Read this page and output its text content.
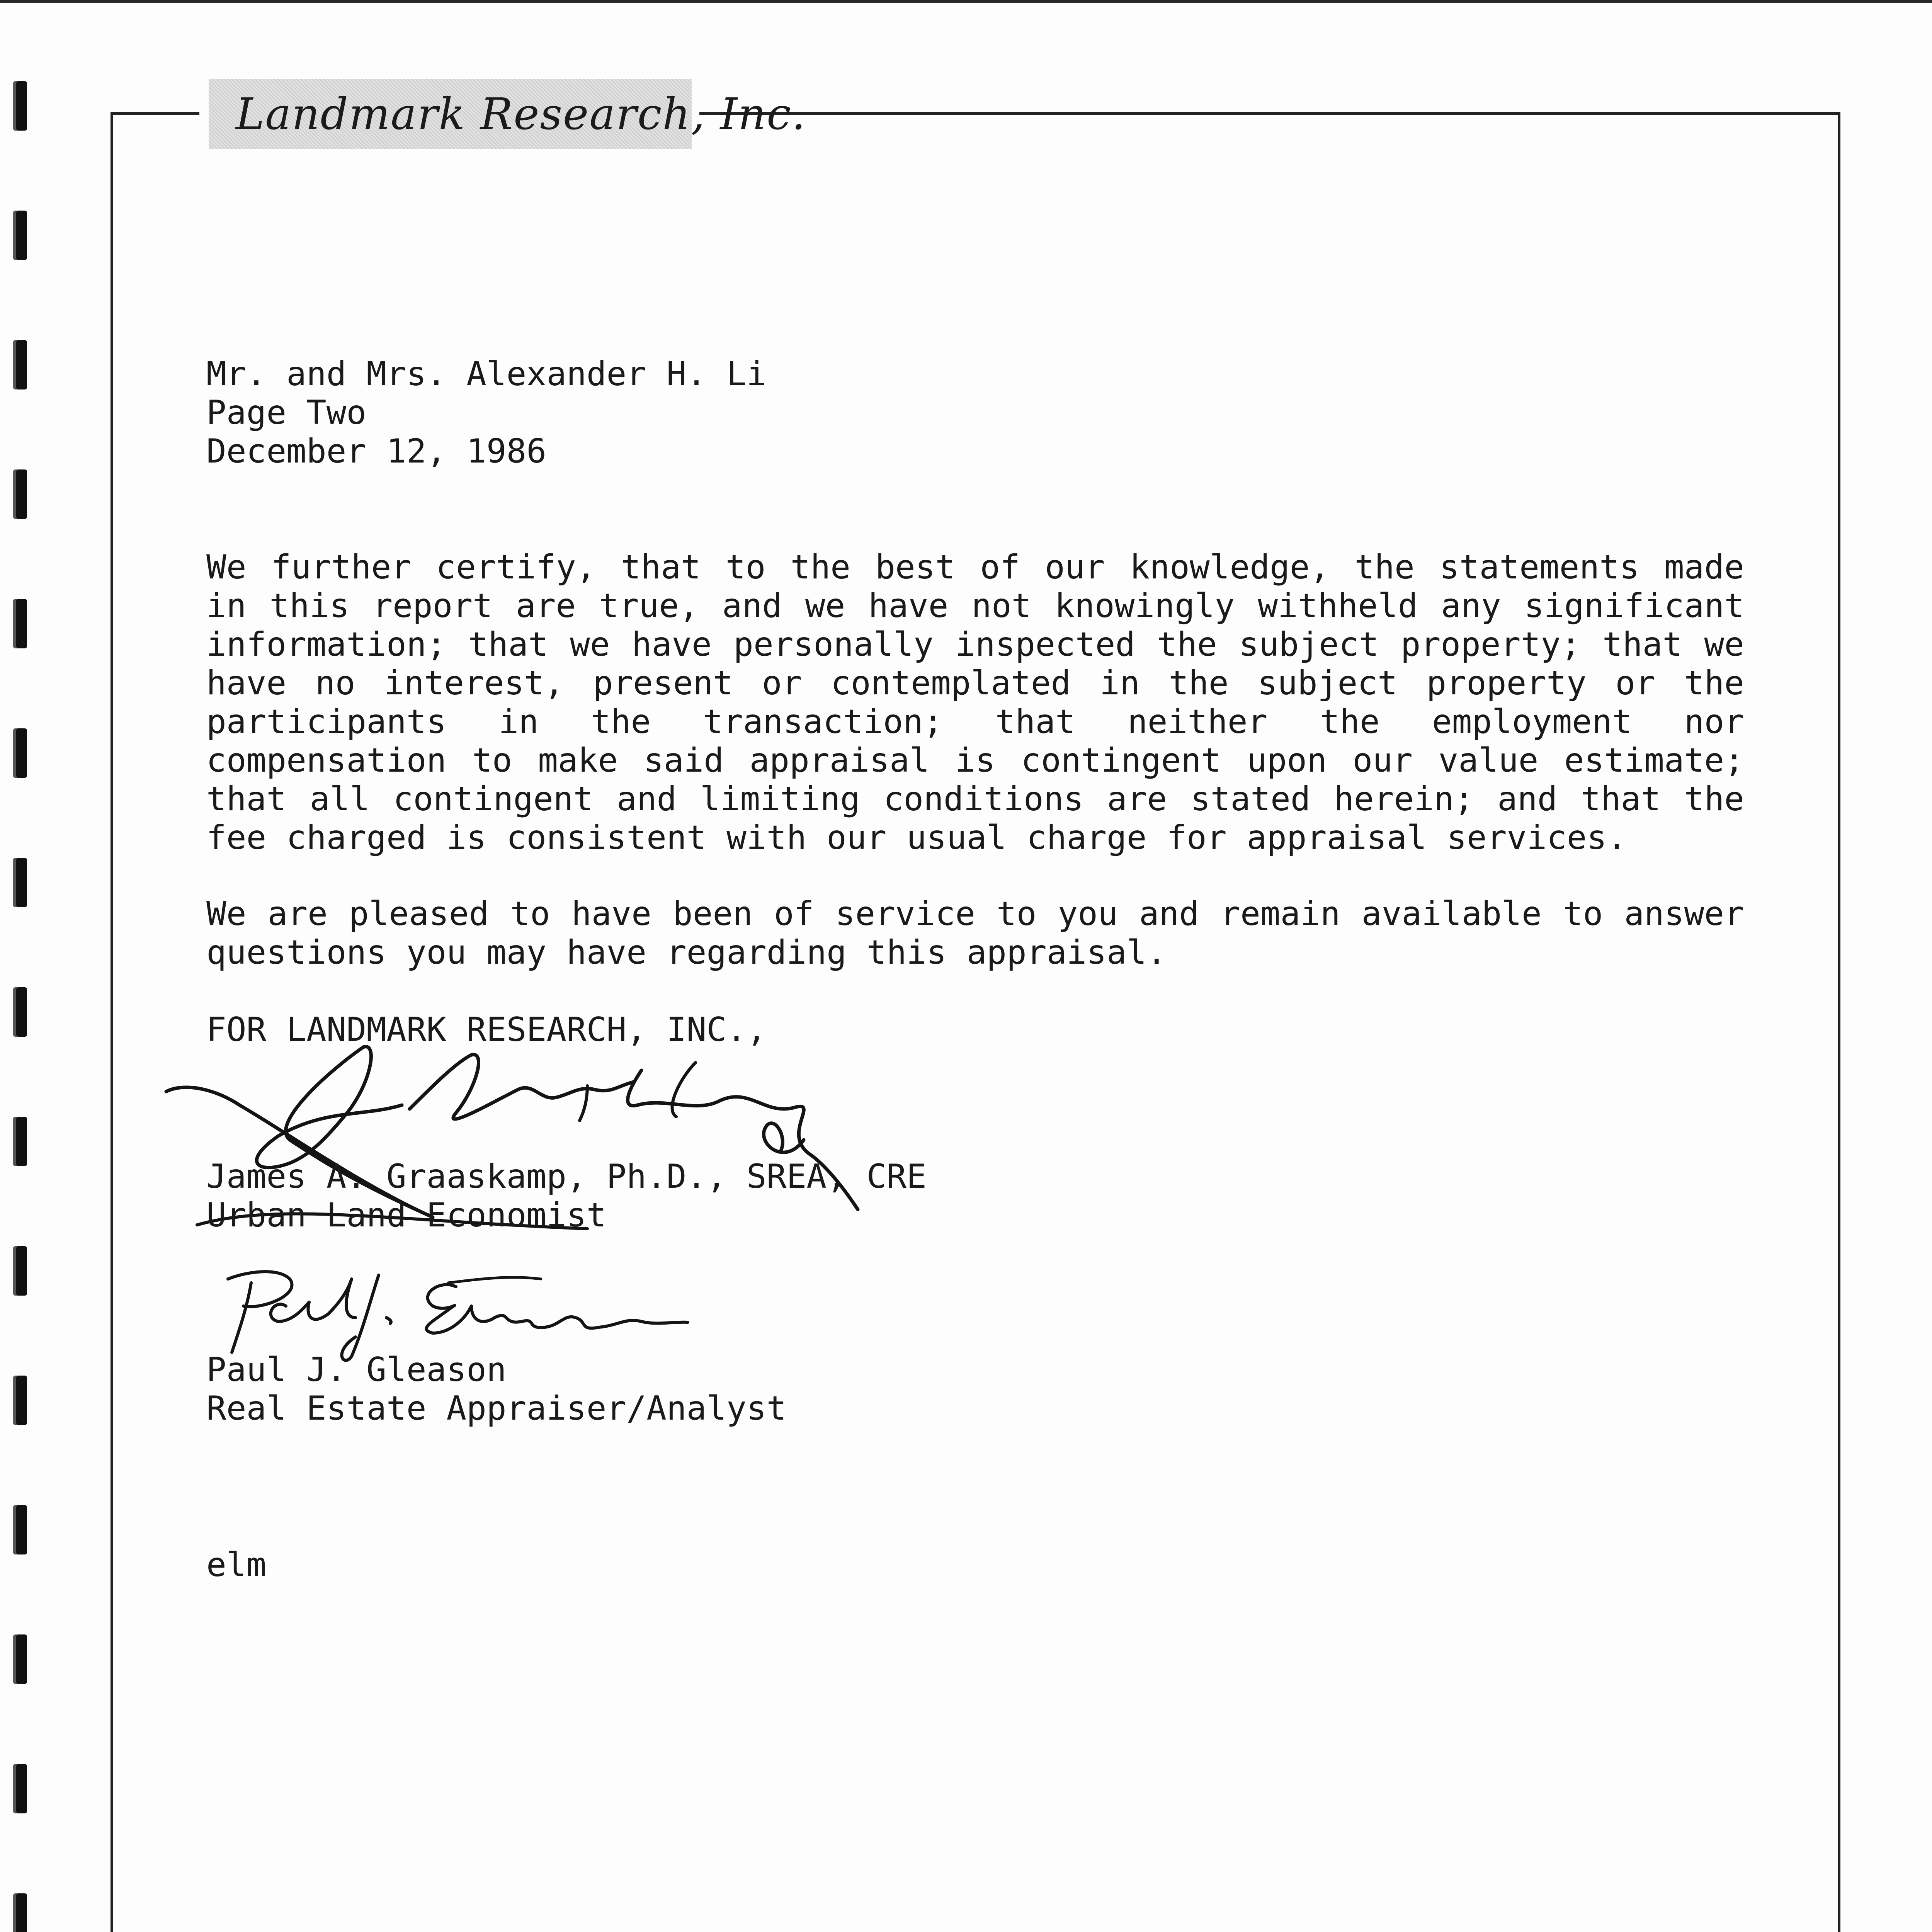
Landmark Research, Inc.
Mr. and Mrs. Alexander H. Li
Page Two
December 12, 1986
We further certify, that to the best of our knowledge, the statements made in this report are true, and we have not knowingly withheld any significant information; that we have personally inspected the subject property; that we have no interest, present or contemplated in the subject property or the participants in the transaction; that neither the employment nor compensation to make said appraisal is contingent upon our value estimate; that all contingent and limiting conditions are stated herein; and that the fee charged is consistent with our usual charge for appraisal services.
We are pleased to have been of service to you and remain available to answer questions you may have regarding this appraisal.
FOR LANDMARK RESEARCH, INC.,
James A. Graaskamp, Ph.D., SREA, CRE
Urban Land Economist
Paul J. Gleason
Real Estate Appraiser/Analyst
elm
